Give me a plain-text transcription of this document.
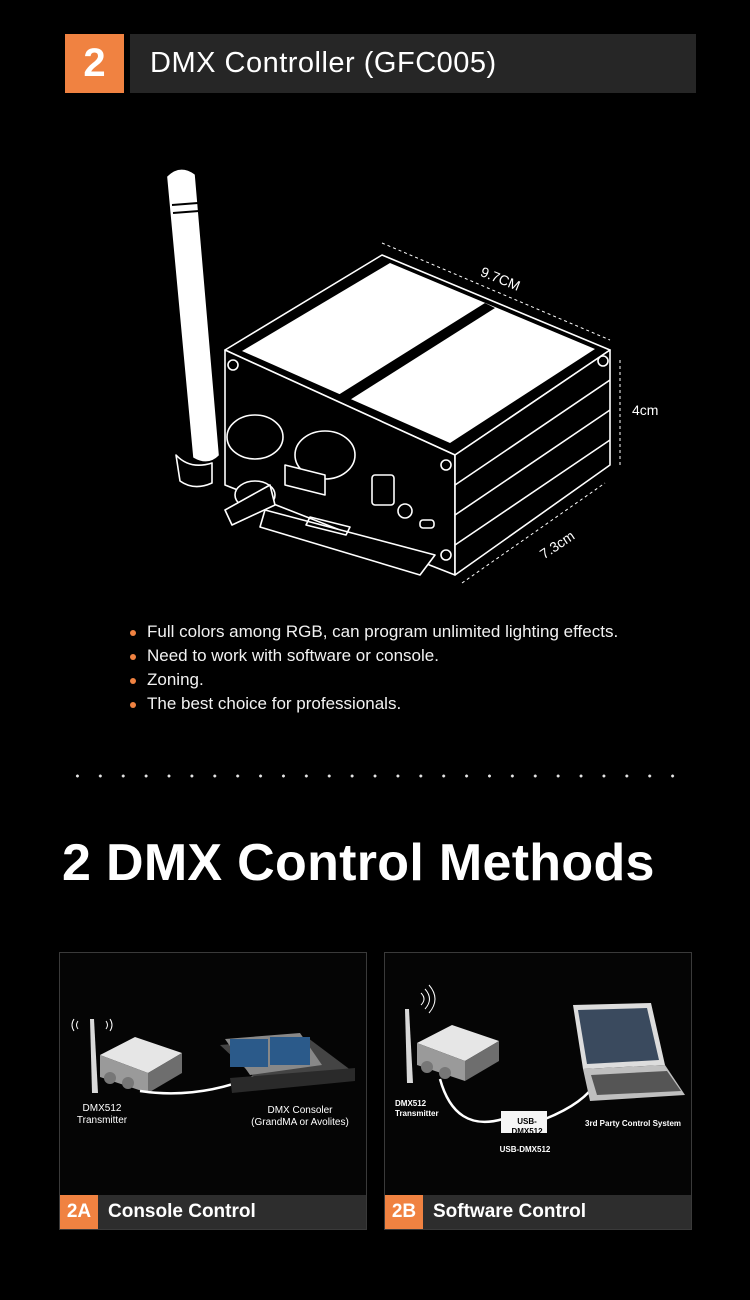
2	DMX Controller (GFC005)
9.7CM
4cm
7.3cm
Full colors among RGB, can program unlimited lighting effects.
Need to work with software or console.
Zoning.
The best choice for professionals.
2 DMX Control Methods
DMX512
Transmitter
DMX Consoler
(GrandMA or Avolites)
2A Console Control
USB-DMX512
DMX512
Transmitter
USB-DMX512
3rd Party Control System
2B Software Control
